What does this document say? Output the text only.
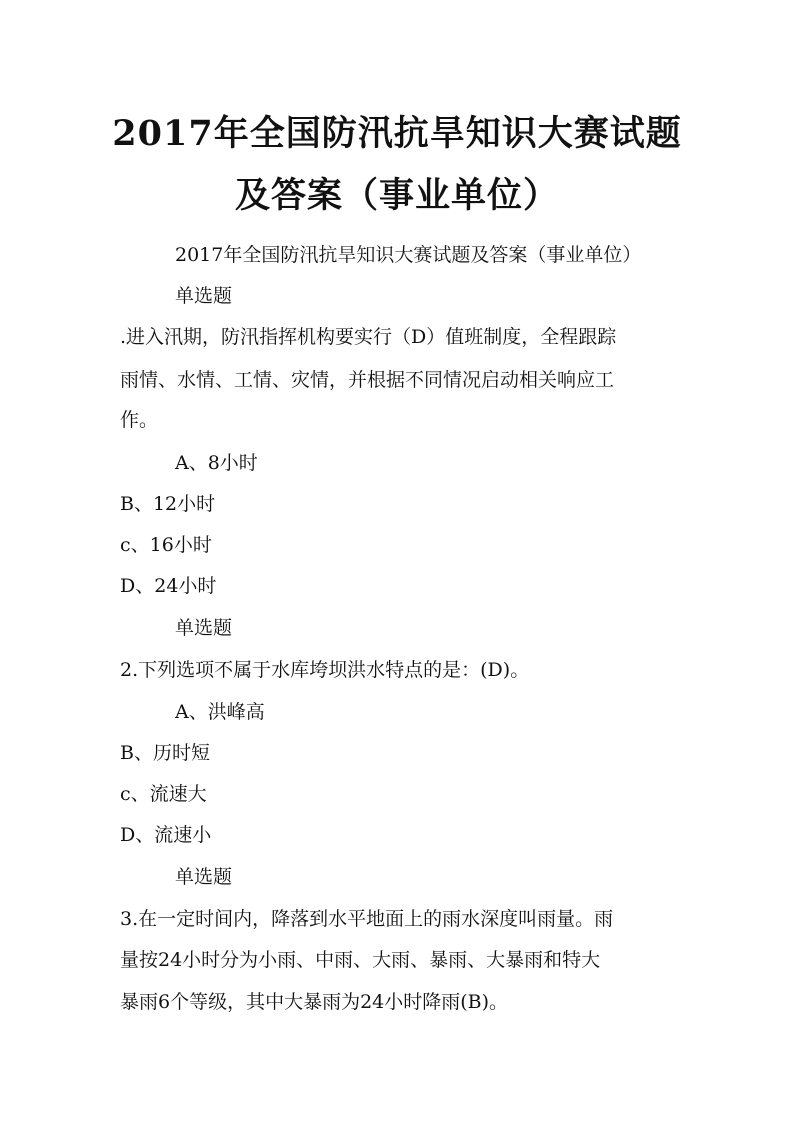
2017年全国防汛抗旱知识大赛试题
及答案（事业单位）
2017年全国防汛抗旱知识大赛试题及答案（事业单位）
单选题
.进入汛期，防汛指挥机构要实行（D）值班制度，全程跟踪
雨情、水情、工情、灾情，并根据不同情况启动相关响应工
作。
A、8小时
B、12小时
c、16小时
D、24小时
单选题
2.下列选项不属于水库垮坝洪水特点的是：(D)。
A、洪峰高
B、历时短
c、流速大
D、流速小
单选题
3.在一定时间内，降落到水平地面上的雨水深度叫雨量。雨
量按24小时分为小雨、中雨、大雨、暴雨、大暴雨和特大
暴雨6个等级，其中大暴雨为24小时降雨(B)。
